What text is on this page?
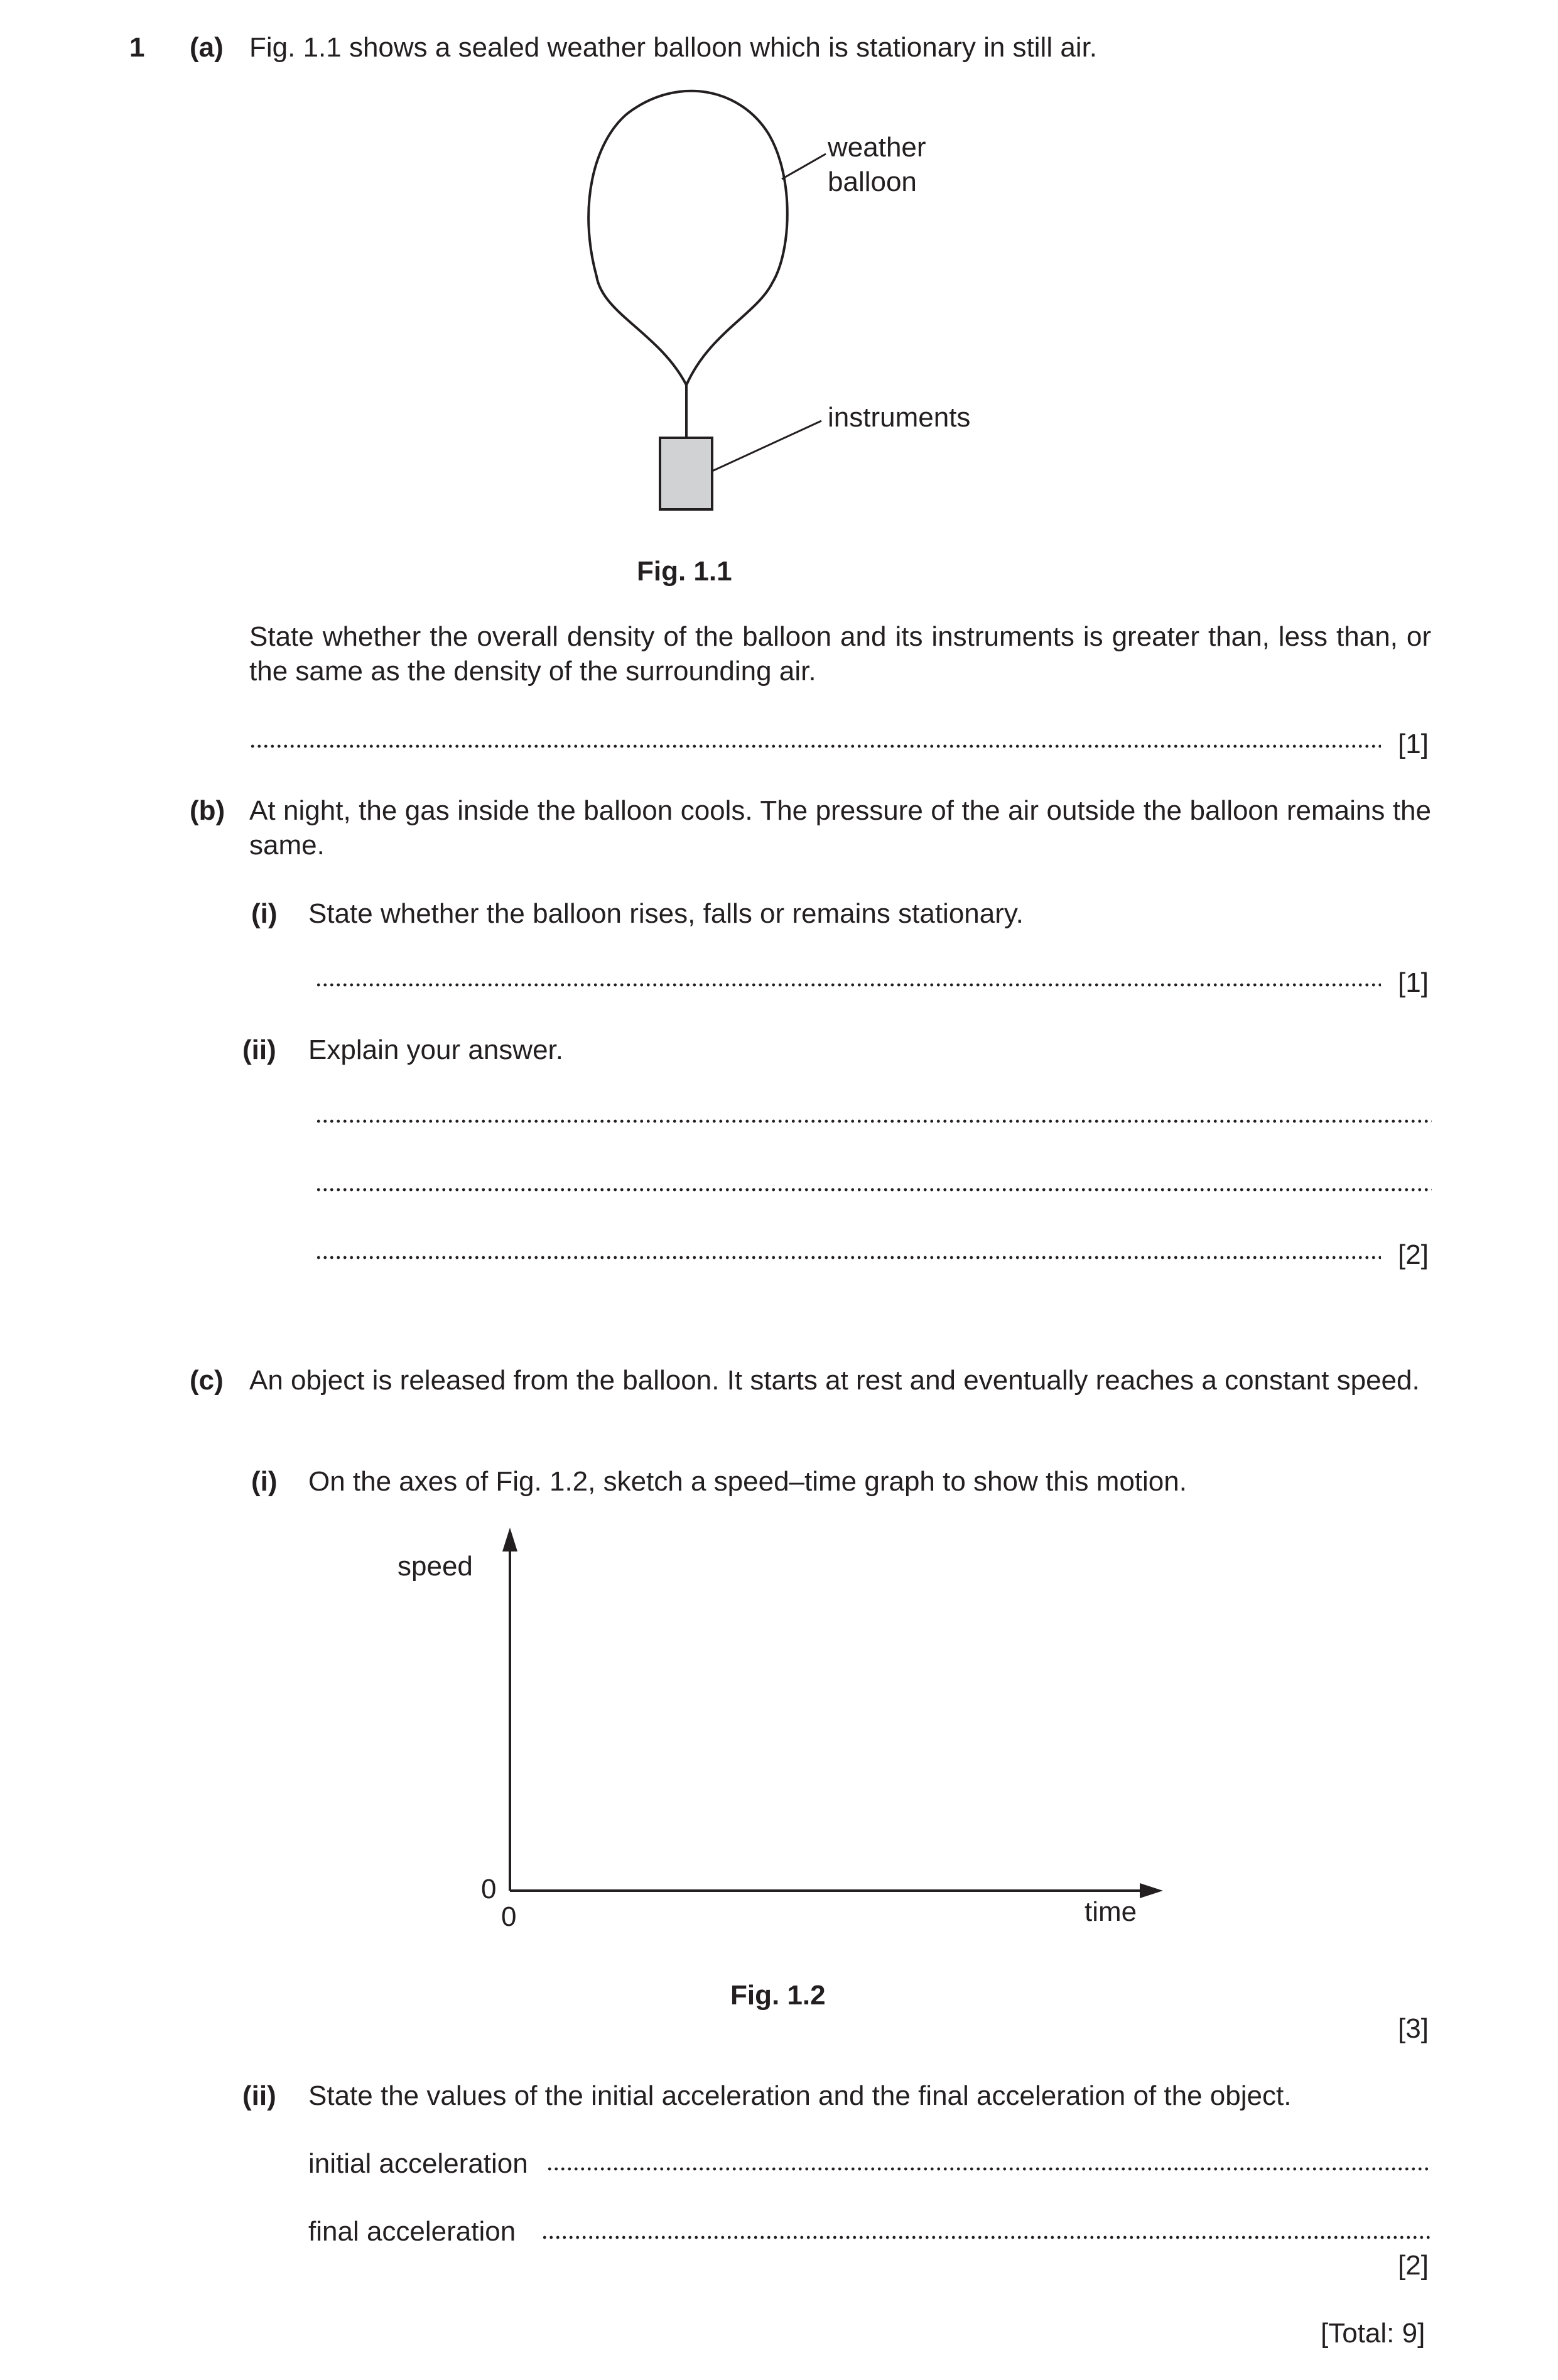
1 (a) Fig. 1.1 shows a sealed weather balloon which is stationary in still air.
weather
balloon
instruments
Fig. 1.1
State whether the overall density of the balloon and its instruments is greater than, less than, or the same as the density of the surrounding air.
[1]
(b) At night, the gas inside the balloon cools. The pressure of the air outside the balloon remains the same.
(i) State whether the balloon rises, falls or remains stationary.
[1]
(ii) Explain your answer.
[2]
(c) An object is released from the balloon. It starts at rest and eventually reaches a constant speed.
(i) On the axes of Fig. 1.2, sketch a speed–time graph to show this motion.
speed
time
0
0
Fig. 1.2
[3]
(ii) State the values of the initial acceleration and the final acceleration of the object.
initial acceleration
final acceleration
[2]
[Total: 9]
